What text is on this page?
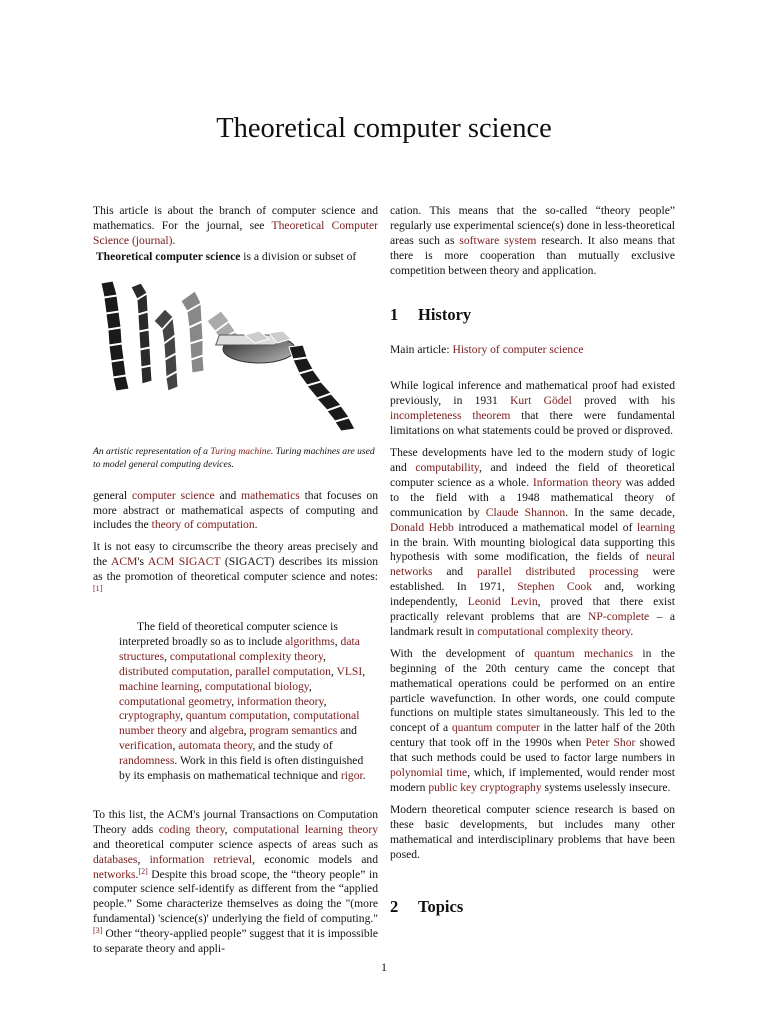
Theoretical computer science

This article is about the branch of computer science and mathematics. For the journal, see Theoretical Computer Science (journal).

Theoretical computer science is a division or subset of

An artistic representation of a Turing machine. Turing machines are used to model general computing devices.

general computer science and mathematics that focuses on more abstract or mathematical aspects of computing and includes the theory of computation.

It is not easy to circumscribe the theory areas precisely and the ACM's ACM SIGACT (SIGACT) describes its mission as the promotion of theoretical computer science and notes:[1]

The field of theoretical computer science is interpreted broadly so as to include algorithms, data structures, computational complexity theory, distributed computation, parallel computation, VLSI, machine learning, computational biology, computational geometry, information theory, cryptography, quantum computation, computational number theory and algebra, program semantics and verification, automata theory, and the study of randomness. Work in this field is often distinguished by its emphasis on mathematical technique and rigor.

To this list, the ACM's journal Transactions on Computation Theory adds coding theory, computational learning theory and theoretical computer science aspects of areas such as databases, information retrieval, economic models and networks.[2] Despite this broad scope, the “theory people” in computer science self-identify as different from the “applied people.” Some characterize themselves as doing the "(more fundamental) 'science(s)' underlying the field of computing."[3] Other “theory-applied people” suggest that it is impossible to separate theory and appli-

cation. This means that the so-called “theory people” regularly use experimental science(s) done in less-theoretical areas such as software system research. It also means that there is more cooperation than mutually exclusive competition between theory and application.

1 History

Main article: History of computer science

While logical inference and mathematical proof had existed previously, in 1931 Kurt Gödel proved with his incompleteness theorem that there were fundamental limitations on what statements could be proved or disproved.

These developments have led to the modern study of logic and computability, and indeed the field of theoretical computer science as a whole. Information theory was added to the field with a 1948 mathematical theory of communication by Claude Shannon. In the same decade, Donald Hebb introduced a mathematical model of learning in the brain. With mounting biological data supporting this hypothesis with some modification, the fields of neural networks and parallel distributed processing were established. In 1971, Stephen Cook and, working independently, Leonid Levin, proved that there exist practically relevant problems that are NP-complete – a landmark result in computational complexity theory.

With the development of quantum mechanics in the beginning of the 20th century came the concept that mathematical operations could be performed on an entire particle wavefunction. In other words, one could compute functions on multiple states simultaneously. This led to the concept of a quantum computer in the latter half of the 20th century that took off in the 1990s when Peter Shor showed that such methods could be used to factor large numbers in polynomial time, which, if implemented, would render most modern public key cryptography systems uselessly insecure.

Modern theoretical computer science research is based on these basic developments, but includes many other mathematical and interdisciplinary problems that have been posed.

2 Topics
1
